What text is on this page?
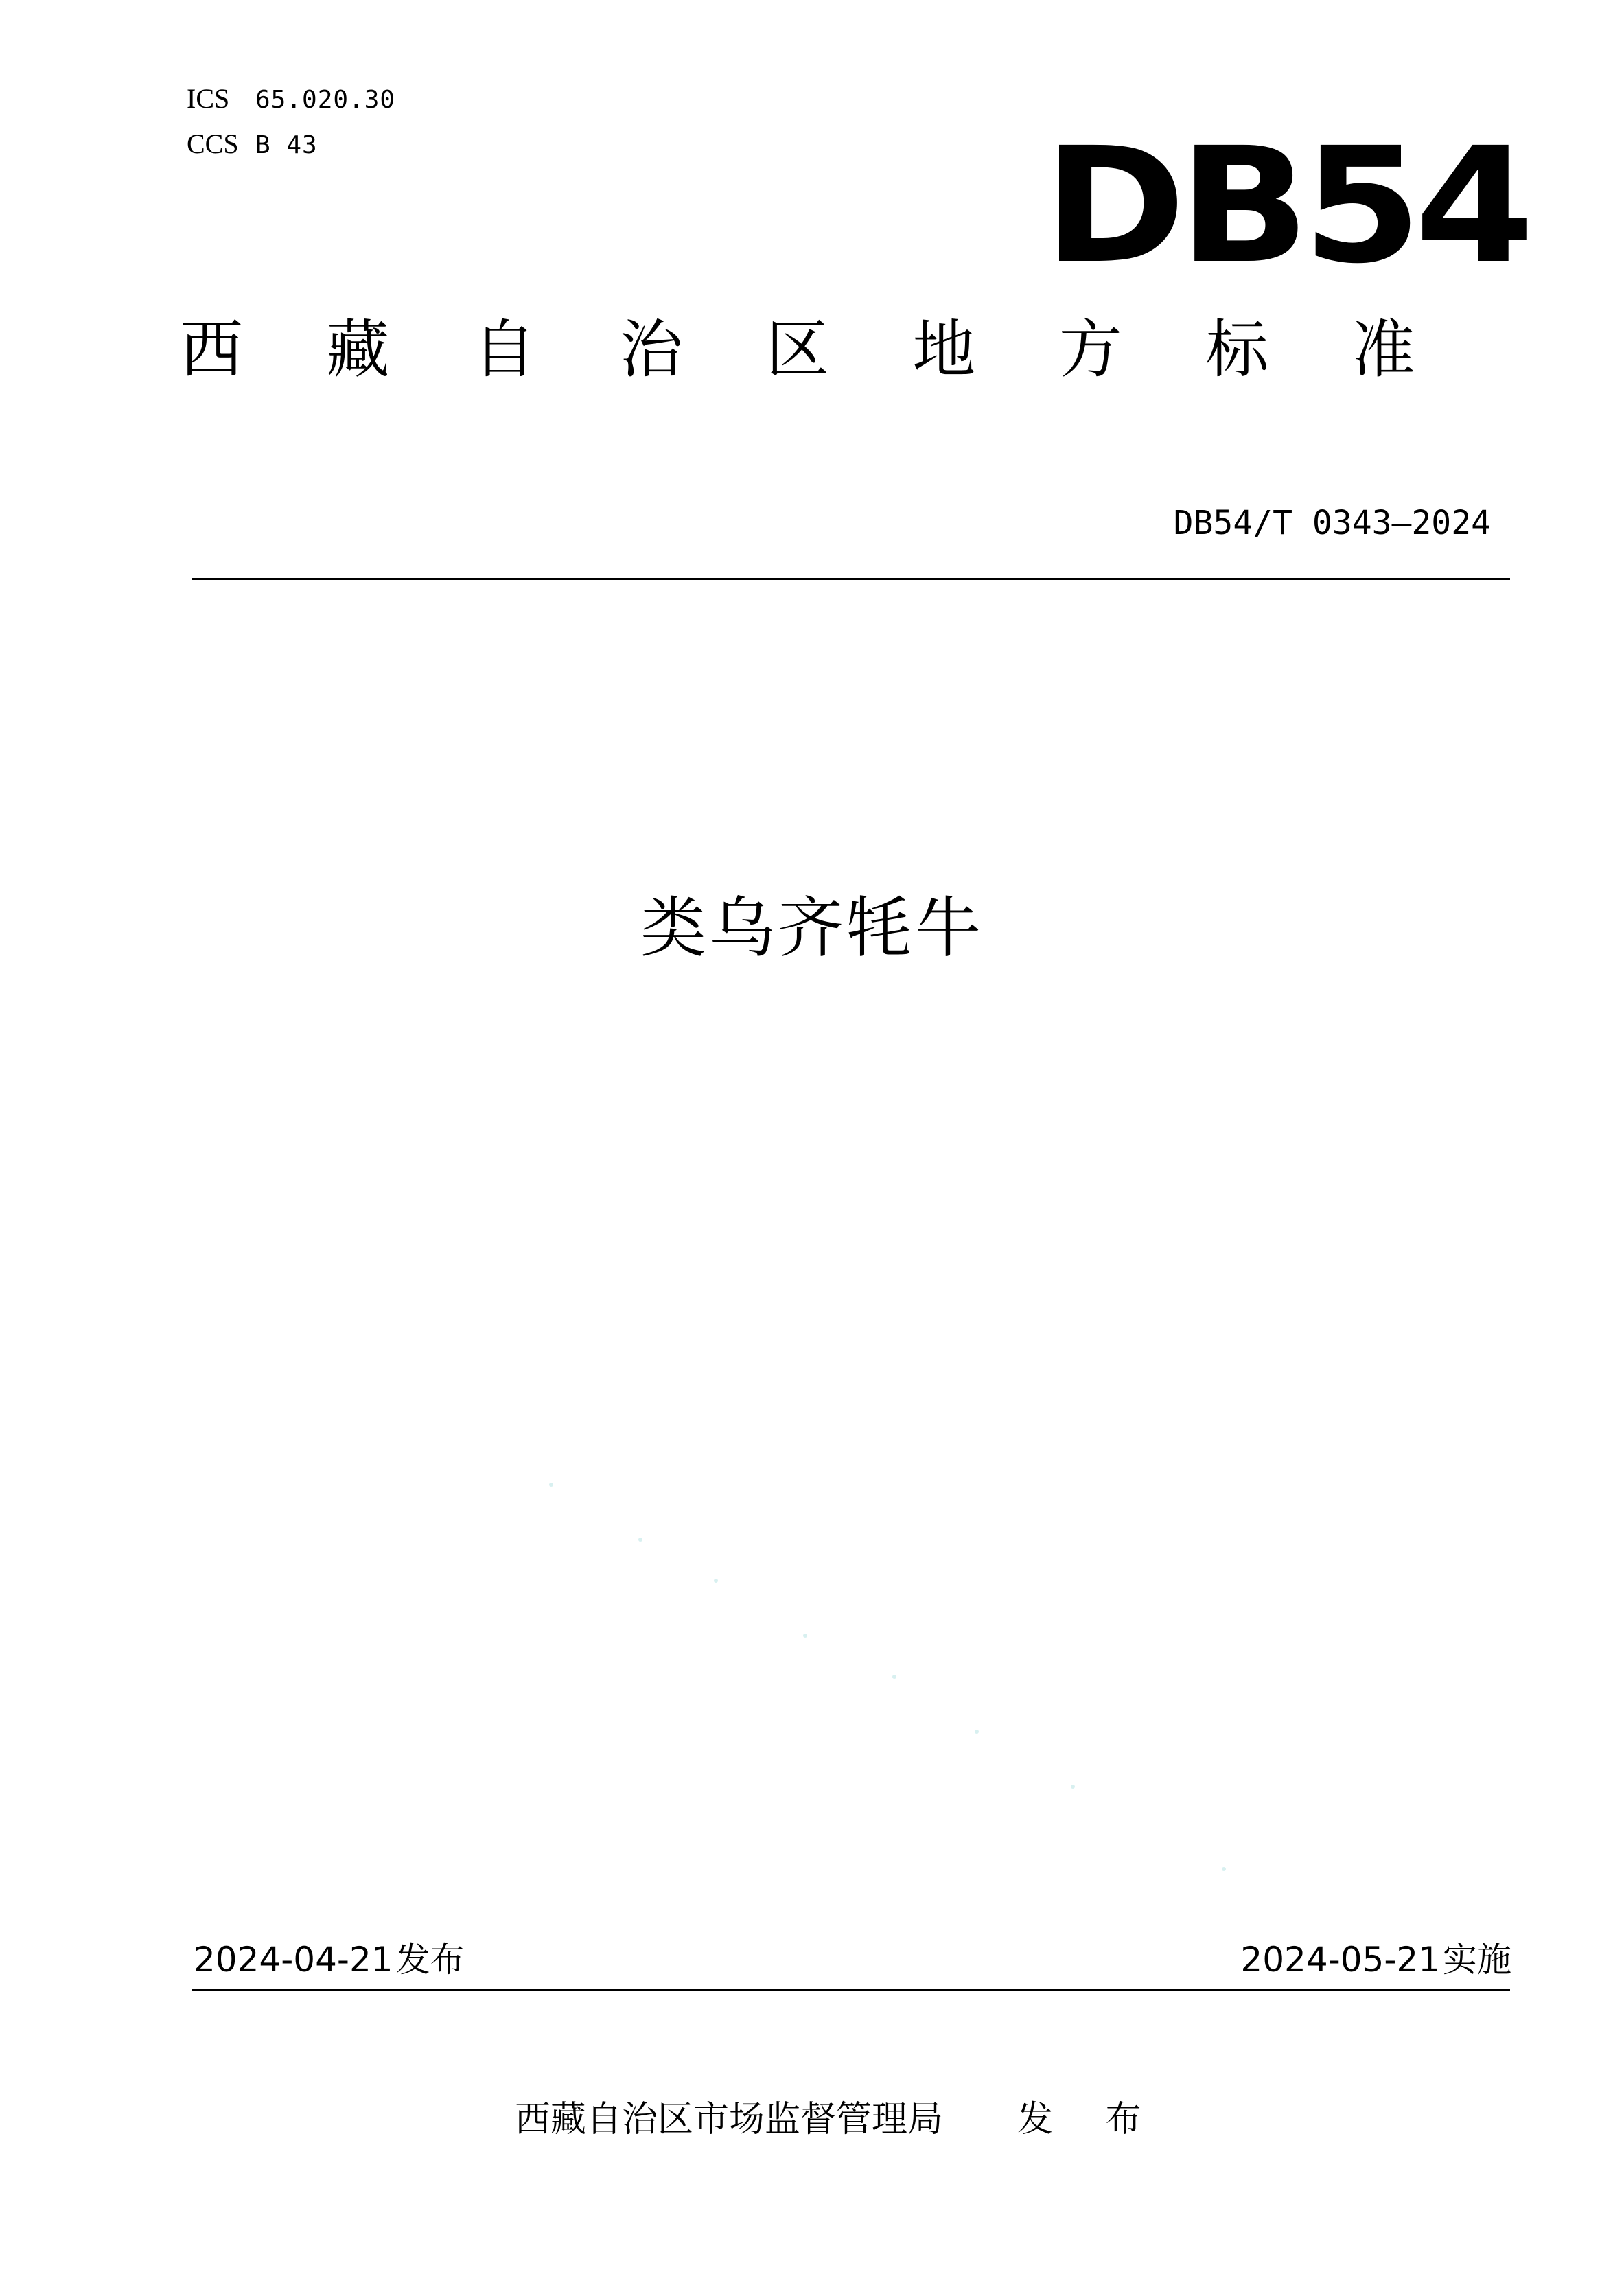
ICS 65.020.30
CCS B 43	DB54
西 藏 自 治 区 地 方 标 准
DB54/T 0343—2024
类乌齐牦牛
2024-04-21发布	2024-05-21实施
西藏自治区市场监督管理局 发 布
